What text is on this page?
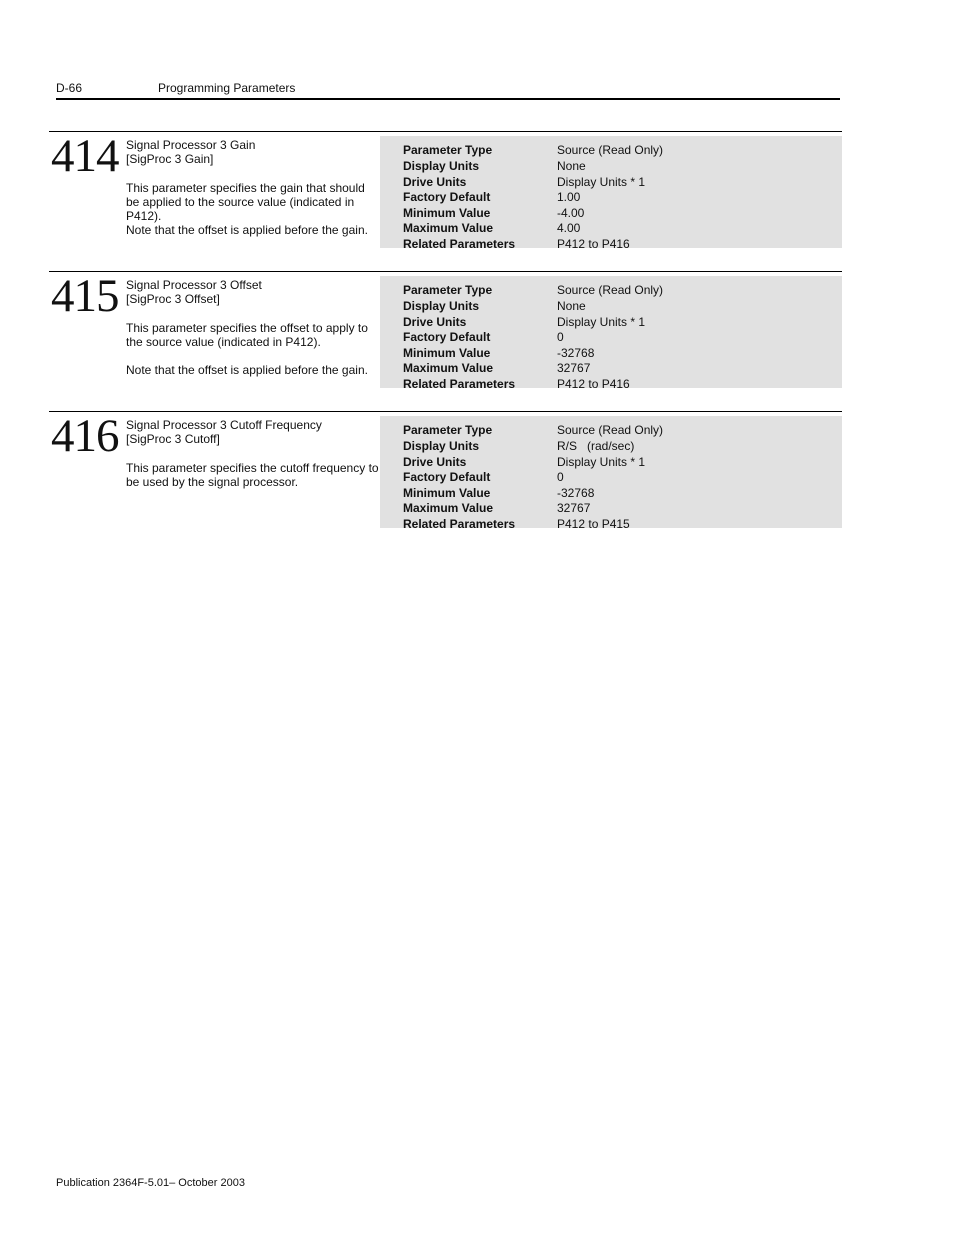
D-66	Programming Parameters
414 Signal Processor 3 Gain
[SigProc 3 Gain]
This parameter specifies the gain that should be applied to the source value (indicated in P412).
Note that the offset is applied before the gain.
Parameter Type	Source (Read Only)
Display Units	None
Drive Units	Display Units * 1
Factory Default	1.00
Minimum Value	-4.00
Maximum Value	4.00
Related Parameters	P412 to P416
415 Signal Processor 3 Offset
[SigProc 3 Offset]
This parameter specifies the offset to apply to the source value (indicated in P412).
Note that the offset is applied before the gain.
Parameter Type	Source (Read Only)
Display Units	None
Drive Units	Display Units * 1
Factory Default	0
Minimum Value	-32768
Maximum Value	32767
Related Parameters	P412 to P416
416 Signal Processor 3 Cutoff Frequency
[SigProc 3 Cutoff]
This parameter specifies the cutoff frequency to be used by the signal processor.
Parameter Type	Source (Read Only)
Display Units	R/S   (rad/sec)
Drive Units	Display Units * 1
Factory Default	0
Minimum Value	-32768
Maximum Value	32767
Related Parameters	P412 to P415
Publication 2364F-5.01– October 2003
